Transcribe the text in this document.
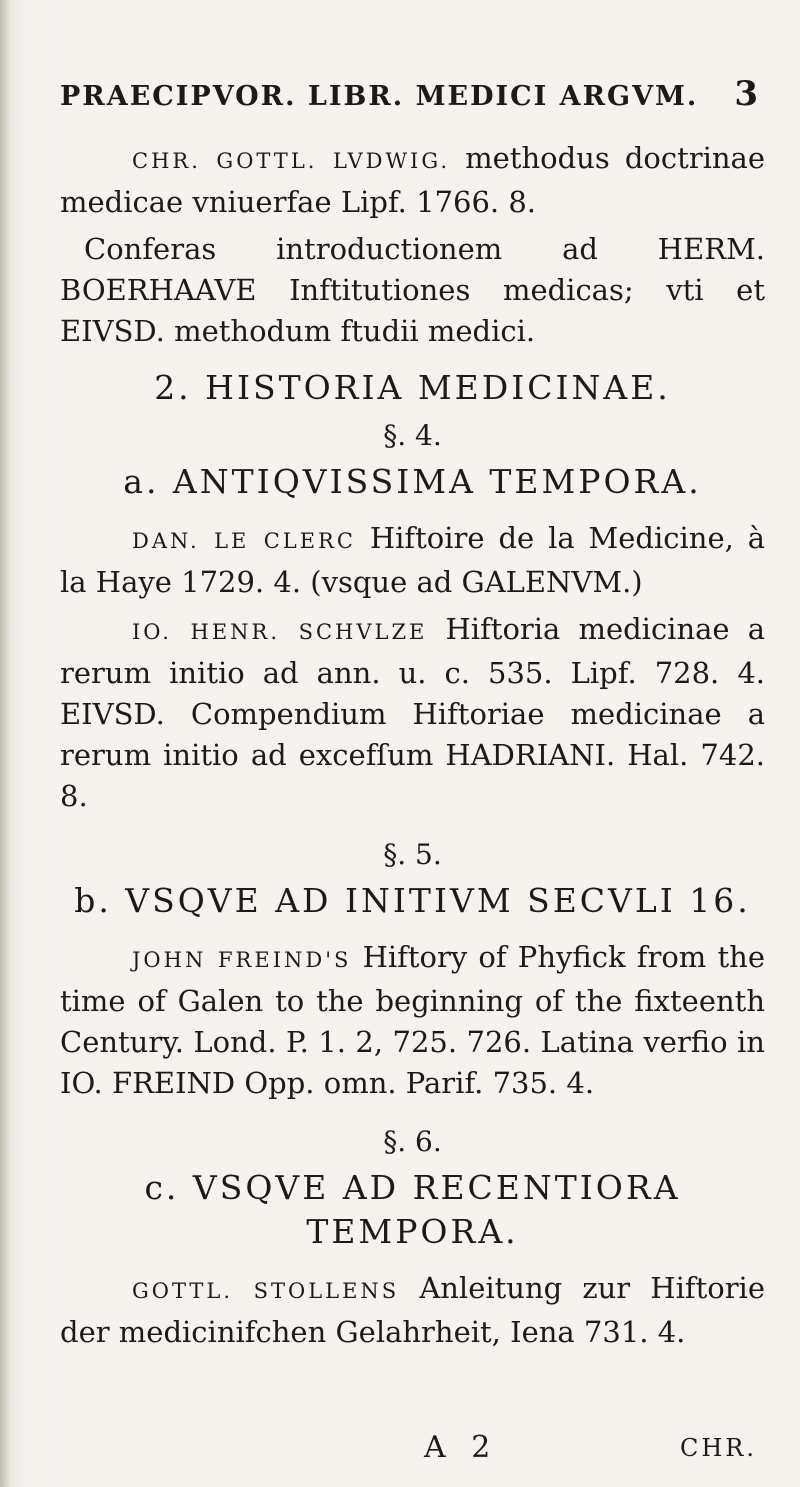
PRAECIPVOR. LIBR. MEDICI ARGVM. 3

CHR. GOTTL. LVDWIG. methodus doctrinae medicae vniuerfae Lipf. 1766. 8.

Conferas introductionem ad HERM. BOERHAAVE Inftitutiones medicas; vti et EIVSD. methodum ftudii medici.

2. HISTORIA MEDICINAE.
§. 4.
a. ANTIQVISSIMA TEMPORA.

DAN. LE CLERC Hiftoire de la Medicine, à la Haye 1729. 4. (vsque ad GALENVM.)

IO. HENR. SCHVLZE Hiftoria medicinae a rerum initio ad ann. u. c. 535. Lipf. 728. 4. EIVSD. Compendium Hiftoriae medicinae a rerum initio ad excefſum HADRIANI. Hal. 742. 8.

§. 5.
b. VSQVE AD INITIVM SECVLI 16.

JOHN FREIND'S Hiftory of Phyfick from the time of Galen to the beginning of the fixteenth Century. Lond. P. 1. 2, 725. 726. Latina verfio in IO. FREIND Opp. omn. Parif. 735. 4.

§. 6.
c. VSQVE AD RECENTIORA TEMPORA.

GOTTL. STOLLENS Anleitung zur Hiftorie der medicinifchen Gelahrheit, Iena 731. 4.

A 2	CHR.
